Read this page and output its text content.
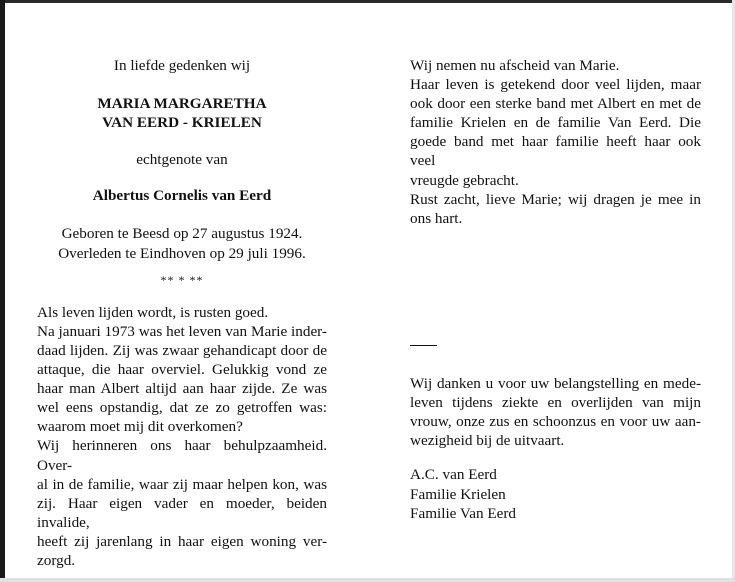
In liefde gedenken wij
MARIA MARGARETHA
VAN EERD - KRIELEN
echtgenote van
Albertus Cornelis van Eerd
Geboren te Beesd op 27 augustus 1924.
Overleden te Eindhoven op 29 juli 1996.
** * **
Als leven lijden wordt, is rusten goed.
Na januari 1973 was het leven van Marie inder-
daad lijden. Zij was zwaar gehandicapt door de
attaque, die haar overviel. Gelukkig vond ze
haar man Albert altijd aan haar zijde. Ze was
wel eens opstandig, dat ze zo getroffen was:
waarom moet mij dit overkomen?
Wij herinneren ons haar behulpzaamheid. Over-
al in de familie, waar zij maar helpen kon, was
zij. Haar eigen vader en moeder, beiden invalide,
heeft zij jarenlang in haar eigen woning ver-
zorgd.
Wij nemen nu afscheid van Marie.
Haar leven is getekend door veel lijden, maar
ook door een sterke band met Albert en met de
familie Krielen en de familie Van Eerd. Die
goede band met haar familie heeft haar ook veel
vreugde gebracht.
Rust zacht, lieve Marie; wij dragen je mee in
ons hart.
Wij danken u voor uw belangstelling en mede-
leven tijdens ziekte en overlijden van mijn
vrouw, onze zus en schoonzus en voor uw aan-
wezigheid bij de uitvaart.
A.C. van Eerd
Familie Krielen
Familie Van Eerd
